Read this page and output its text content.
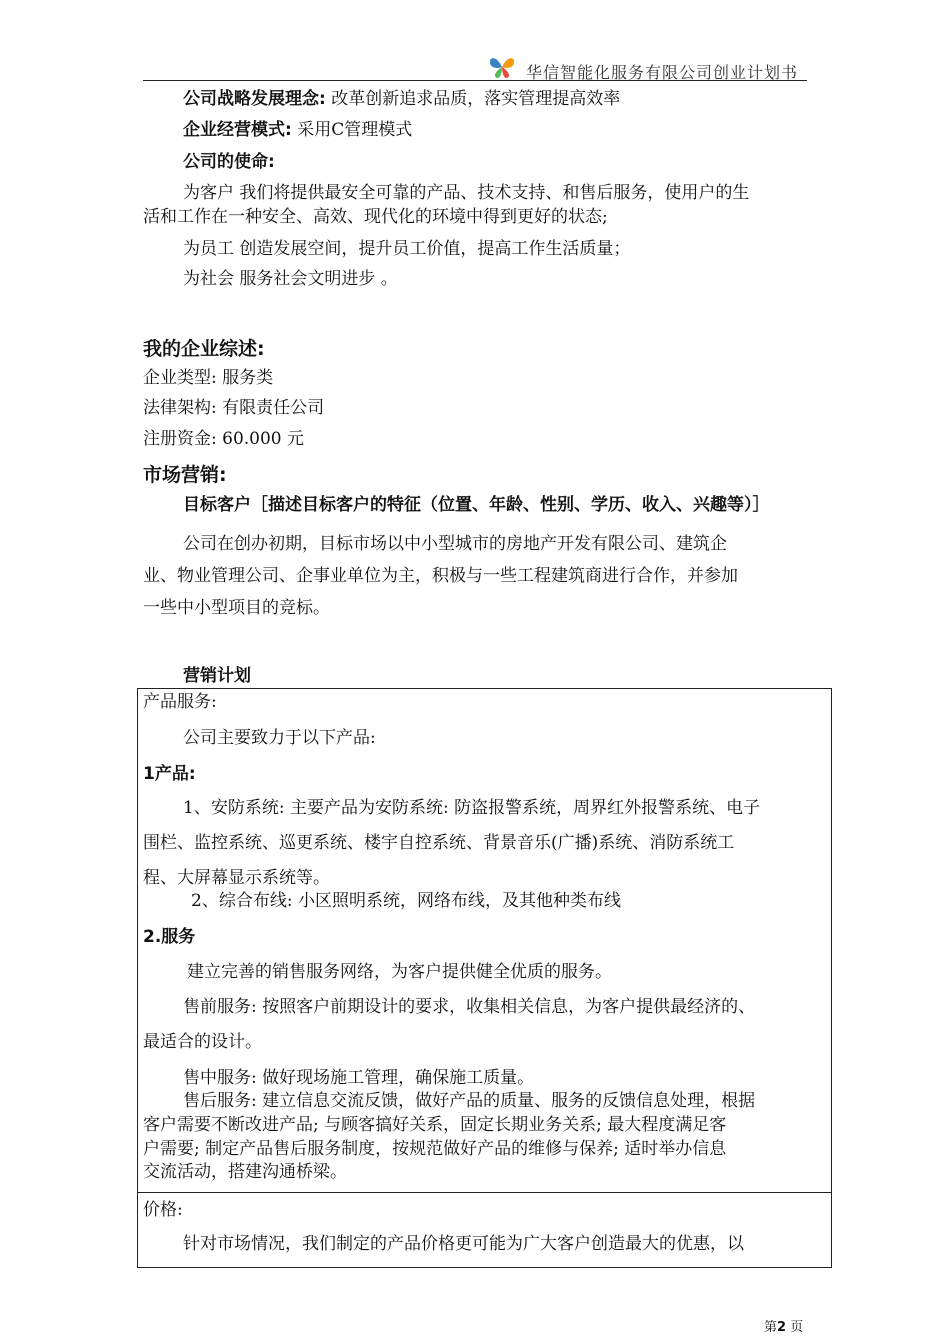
华信智能化服务有限公司创业计划书
公司战略发展理念: 改革创新追求品质，落实管理提高效率
企业经营模式: 采用C管理模式
公司的使命:
为客户 我们将提供最安全可靠的产品、技术支持、和售后服务，使用户的生
活和工作在一种安全、高效、现代化的环境中得到更好的状态;
为员工 创造发展空间，提升员工价值，提高工作生活质量；
为社会 服务社会文明进步 。
我的企业综述:
企业类型: 服务类
法律架构: 有限责任公司
注册资金: 60.000 元
市场营销:
目标客户［描述目标客户的特征（位置、年龄、性别、学历、收入、兴趣等）］
公司在创办初期，目标市场以中小型城市的房地产开发有限公司、建筑企
业、物业管理公司、企事业单位为主，积极与一些工程建筑商进行合作，并参加
一些中小型项目的竞标。
营销计划
产品服务:
公司主要致力于以下产品:
1产品:
1、安防系统: 主要产品为安防系统: 防盗报警系统，周界红外报警系统、电子
围栏、监控系统、巡更系统、楼宇自控系统、背景音乐(广播)系统、消防系统工
程、大屏幕显示系统等。
2、综合布线: 小区照明系统，网络布线，及其他种类布线
2.服务
建立完善的销售服务网络，为客户提供健全优质的服务。
售前服务: 按照客户前期设计的要求，收集相关信息，为客户提供最经济的、
最适合的设计。
售中服务: 做好现场施工管理，确保施工质量。
售后服务: 建立信息交流反馈，做好产品的质量、服务的反馈信息处理，根据
客户需要不断改进产品; 与顾客搞好关系，固定长期业务关系; 最大程度满足客
户需要; 制定产品售后服务制度，按规范做好产品的维修与保养; 适时举办信息
交流活动，搭建沟通桥梁。
价格:
针对市场情况，我们制定的产品价格更可能为广大客户创造最大的优惠，以
第2 页
